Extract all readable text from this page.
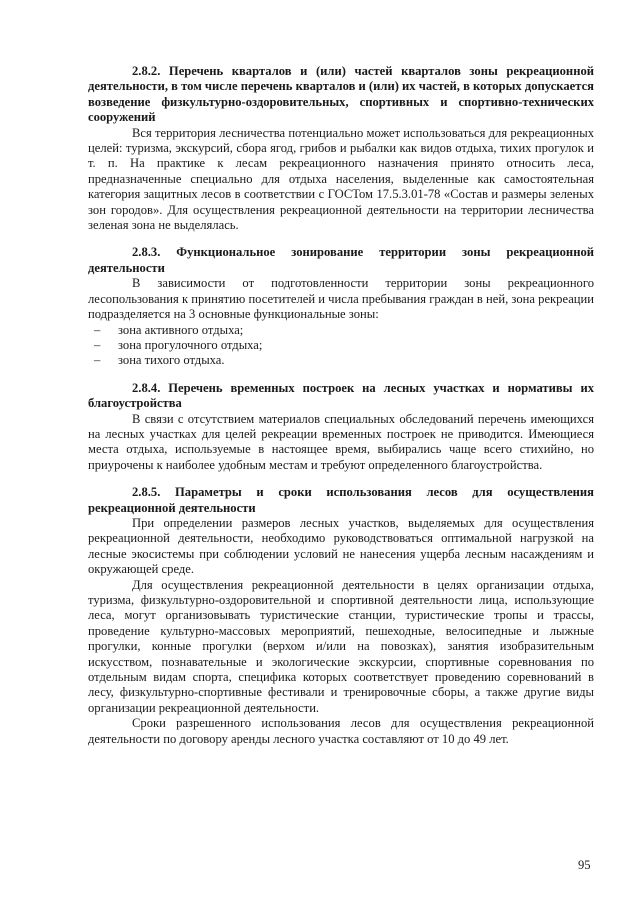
2.8.2. Перечень кварталов и (или) частей кварталов зоны рекреационной деятельности, в том числе перечень кварталов и (или) их частей, в которых допускается возведение физкультурно-оздоровительных, спортивных и спортивно-технических сооружений
Вся территория лесничества потенциально может использоваться для рекреационных целей: туризма, экскурсий, сбора ягод, грибов и рыбалки как видов отдыха, тихих прогулок и т. п. На практике к лесам рекреационного назначения принято относить леса, предназначенные специально для отдыха населения, выделенные как самостоятельная категория защитных лесов в соответствии с ГОСТом 17.5.3.01-78 «Состав и размеры зеленых зон городов». Для осуществления рекреационной деятельности на территории лесничества зеленая зона не выделялась.
2.8.3. Функциональное зонирование территории зоны рекреационной деятельности
В зависимости от подготовленности территории зоны рекреационного лесопользования к принятию посетителей и числа пребывания граждан в ней, зона рекреации подразделяется на 3 основные функциональные зоны:
– зона активного отдыха;
– зона прогулочного отдыха;
– зона тихого отдыха.
2.8.4. Перечень временных построек на лесных участках и нормативы их благоустройства
В связи с отсутствием материалов специальных обследований перечень имеющихся на лесных участках для целей рекреации временных построек не приводится. Имеющиеся места отдыха, используемые в настоящее время, выбирались чаще всего стихийно, но приурочены к наиболее удобным местам и требуют определенного благоустройства.
2.8.5. Параметры и сроки использования лесов для осуществления рекреационной деятельности
При определении размеров лесных участков, выделяемых для осуществления рекреационной деятельности, необходимо руководствоваться оптимальной нагрузкой на лесные экосистемы при соблюдении условий не нанесения ущерба лесным насаждениям и окружающей среде.
Для осуществления рекреационной деятельности в целях организации отдыха, туризма, физкультурно-оздоровительной и спортивной деятельности лица, использующие леса, могут организовывать туристические станции, туристические тропы и трассы, проведение культурно-массовых мероприятий, пешеходные, велосипедные и лыжные прогулки, конные прогулки (верхом и/или на повозках), занятия изобразительным искусством, познавательные и экологические экскурсии, спортивные соревнования по отдельным видам спорта, специфика которых соответствует проведению соревнований в лесу, физкультурно-спортивные фестивали и тренировочные сборы, а также другие виды организации рекреационной деятельности.
Сроки разрешенного использования лесов для осуществления рекреационной деятельности по договору аренды лесного участка составляют от 10 до 49 лет.
95
